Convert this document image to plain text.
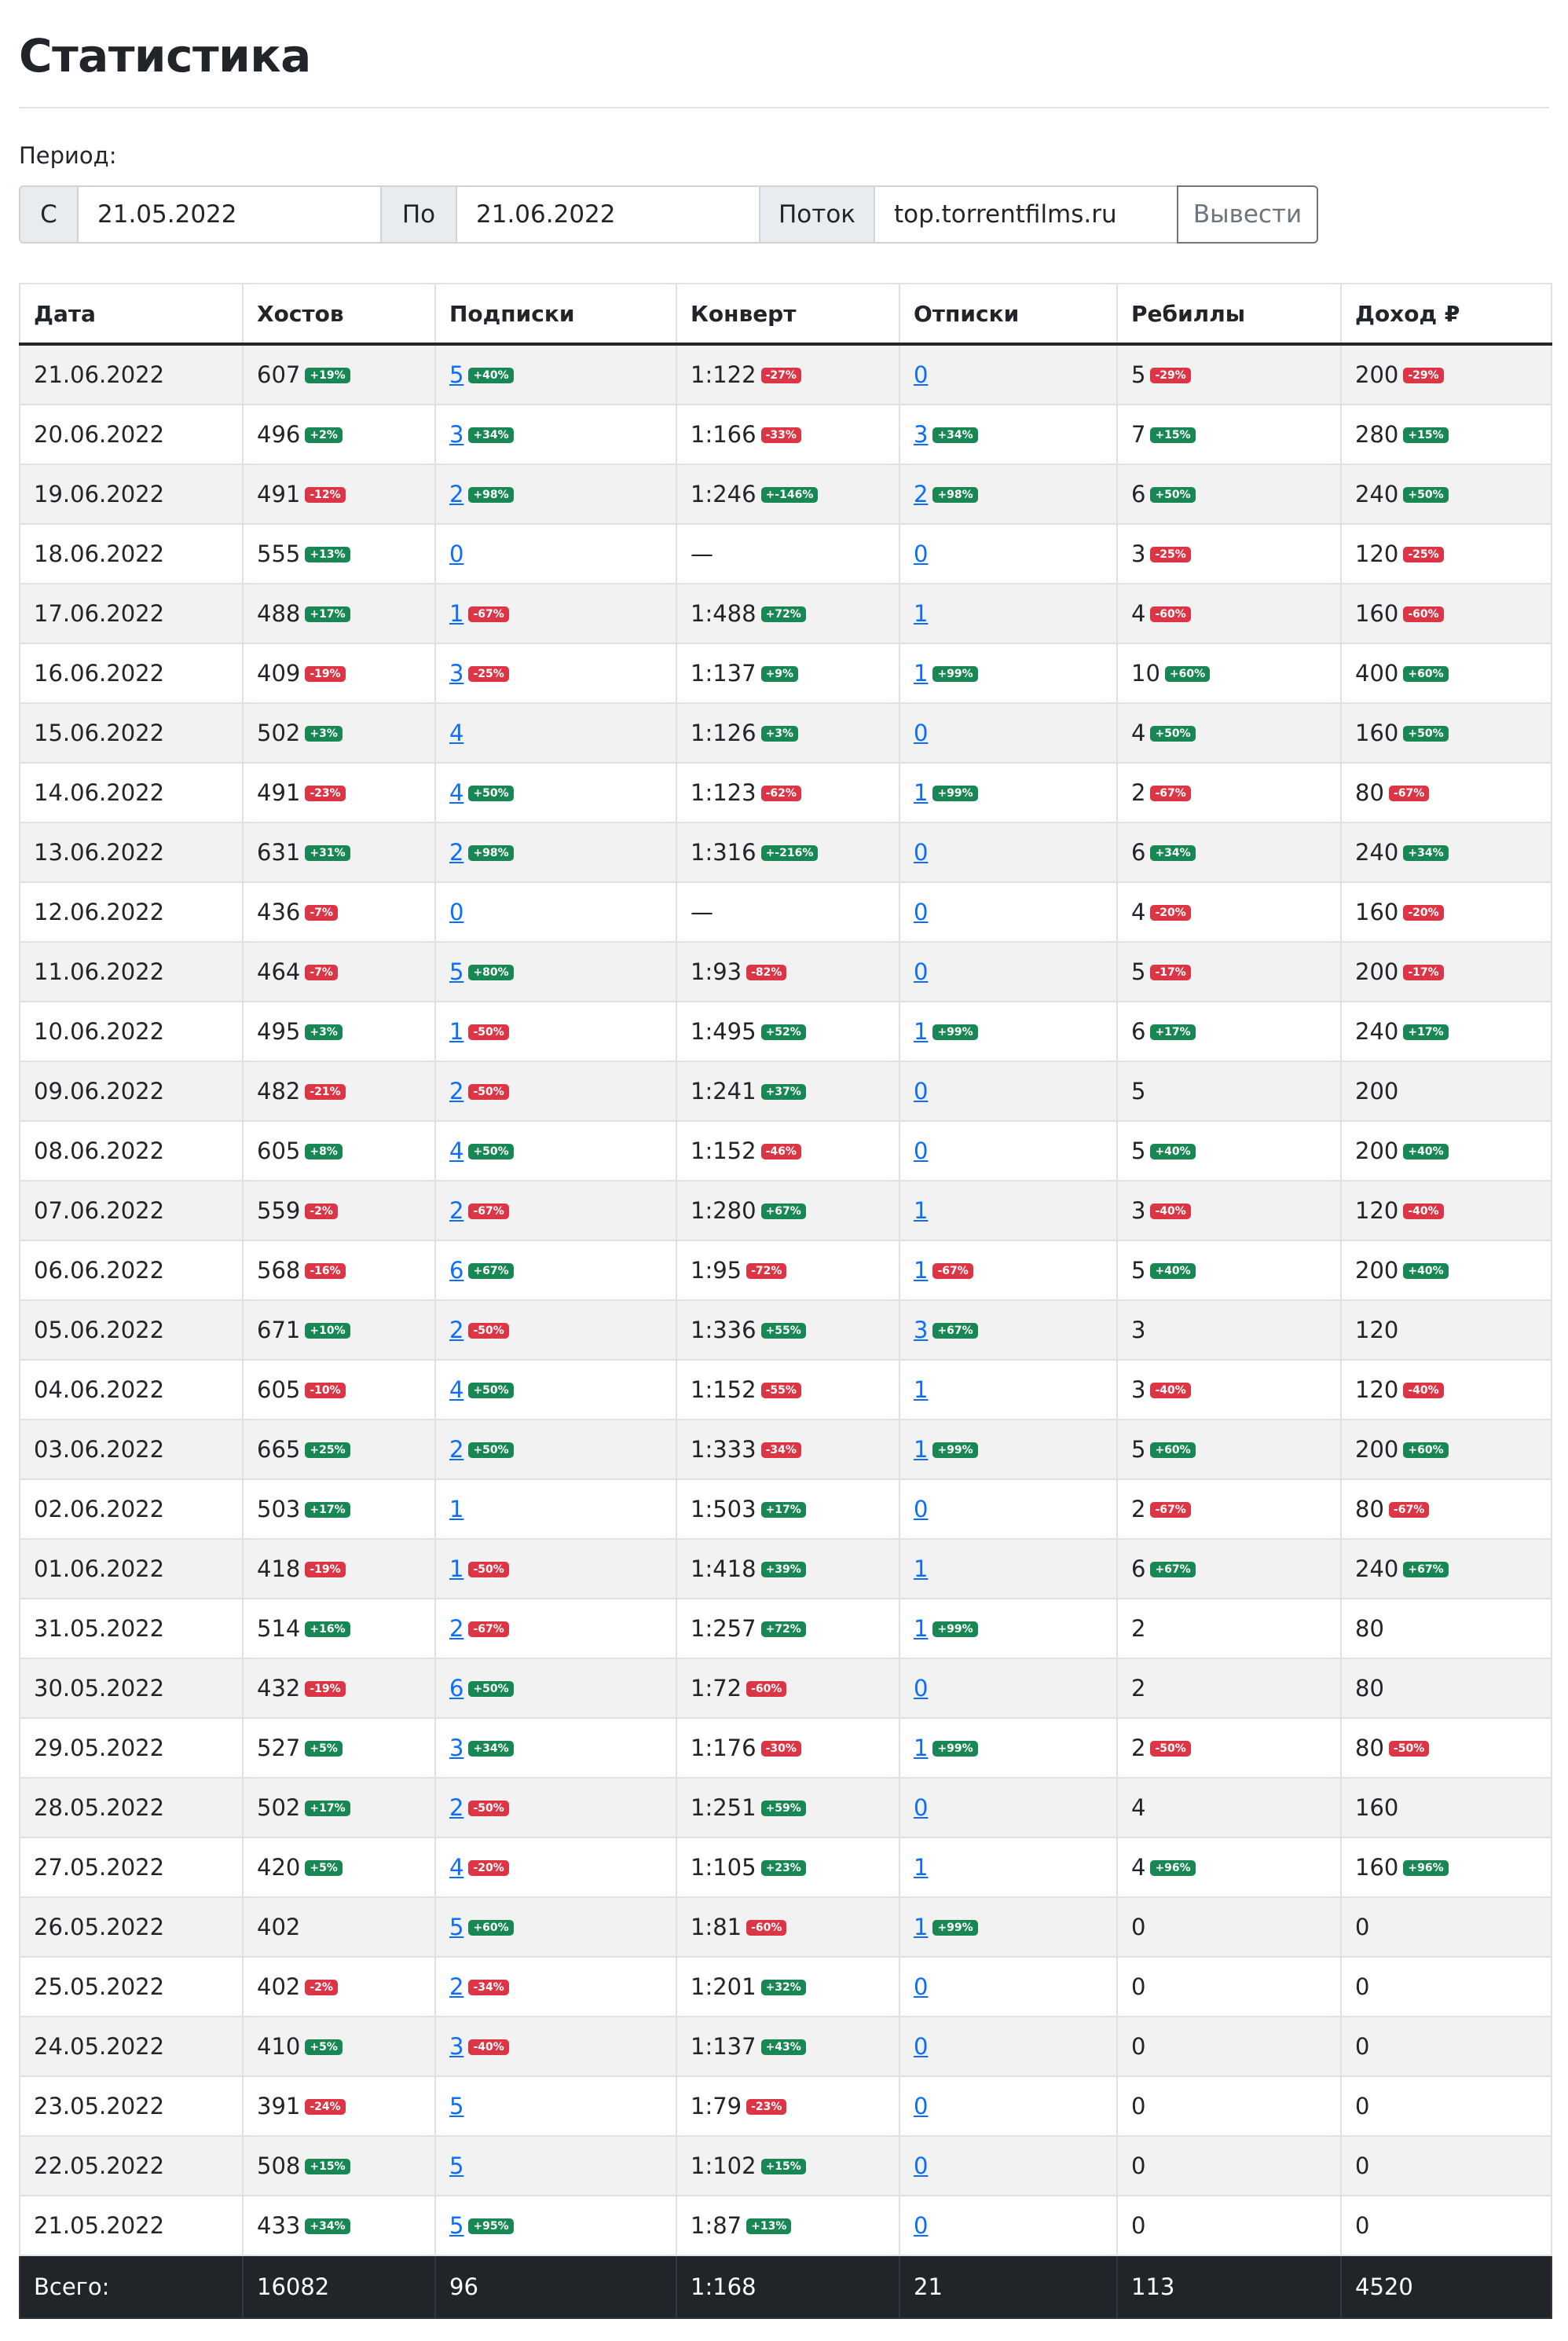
Статистика
Период:
С	21.05.2022	По	21.06.2022	Поток	top.torrentfilms.ru	Вывести
Дата	Хостов	Подписки	Конверт	Отписки	Ребиллы	Доход ₽
21.06.2022	607 +19%	5 +40%	1:122 -27%	0	5 -29%	200 -29%
20.06.2022	496 +2%	3 +34%	1:166 -33%	3 +34%	7 +15%	280 +15%
19.06.2022	491 -12%	2 +98%	1:246 +-146%	2 +98%	6 +50%	240 +50%
18.06.2022	555 +13%	0	—	0	3 -25%	120 -25%
17.06.2022	488 +17%	1 -67%	1:488 +72%	1	4 -60%	160 -60%
16.06.2022	409 -19%	3 -25%	1:137 +9%	1 +99%	10 +60%	400 +60%
15.06.2022	502 +3%	4	1:126 +3%	0	4 +50%	160 +50%
14.06.2022	491 -23%	4 +50%	1:123 -62%	1 +99%	2 -67%	80 -67%
13.06.2022	631 +31%	2 +98%	1:316 +-216%	0	6 +34%	240 +34%
12.06.2022	436 -7%	0	—	0	4 -20%	160 -20%
11.06.2022	464 -7%	5 +80%	1:93 -82%	0	5 -17%	200 -17%
10.06.2022	495 +3%	1 -50%	1:495 +52%	1 +99%	6 +17%	240 +17%
09.06.2022	482 -21%	2 -50%	1:241 +37%	0	5	200
08.06.2022	605 +8%	4 +50%	1:152 -46%	0	5 +40%	200 +40%
07.06.2022	559 -2%	2 -67%	1:280 +67%	1	3 -40%	120 -40%
06.06.2022	568 -16%	6 +67%	1:95 -72%	1 -67%	5 +40%	200 +40%
05.06.2022	671 +10%	2 -50%	1:336 +55%	3 +67%	3	120
04.06.2022	605 -10%	4 +50%	1:152 -55%	1	3 -40%	120 -40%
03.06.2022	665 +25%	2 +50%	1:333 -34%	1 +99%	5 +60%	200 +60%
02.06.2022	503 +17%	1	1:503 +17%	0	2 -67%	80 -67%
01.06.2022	418 -19%	1 -50%	1:418 +39%	1	6 +67%	240 +67%
31.05.2022	514 +16%	2 -67%	1:257 +72%	1 +99%	2	80
30.05.2022	432 -19%	6 +50%	1:72 -60%	0	2	80
29.05.2022	527 +5%	3 +34%	1:176 -30%	1 +99%	2 -50%	80 -50%
28.05.2022	502 +17%	2 -50%	1:251 +59%	0	4	160
27.05.2022	420 +5%	4 -20%	1:105 +23%	1	4 +96%	160 +96%
26.05.2022	402	5 +60%	1:81 -60%	1 +99%	0	0
25.05.2022	402 -2%	2 -34%	1:201 +32%	0	0	0
24.05.2022	410 +5%	3 -40%	1:137 +43%	0	0	0
23.05.2022	391 -24%	5	1:79 -23%	0	0	0
22.05.2022	508 +15%	5	1:102 +15%	0	0	0
21.05.2022	433 +34%	5 +95%	1:87 +13%	0	0	0
Всего:	16082	96	1:168	21	113	4520
